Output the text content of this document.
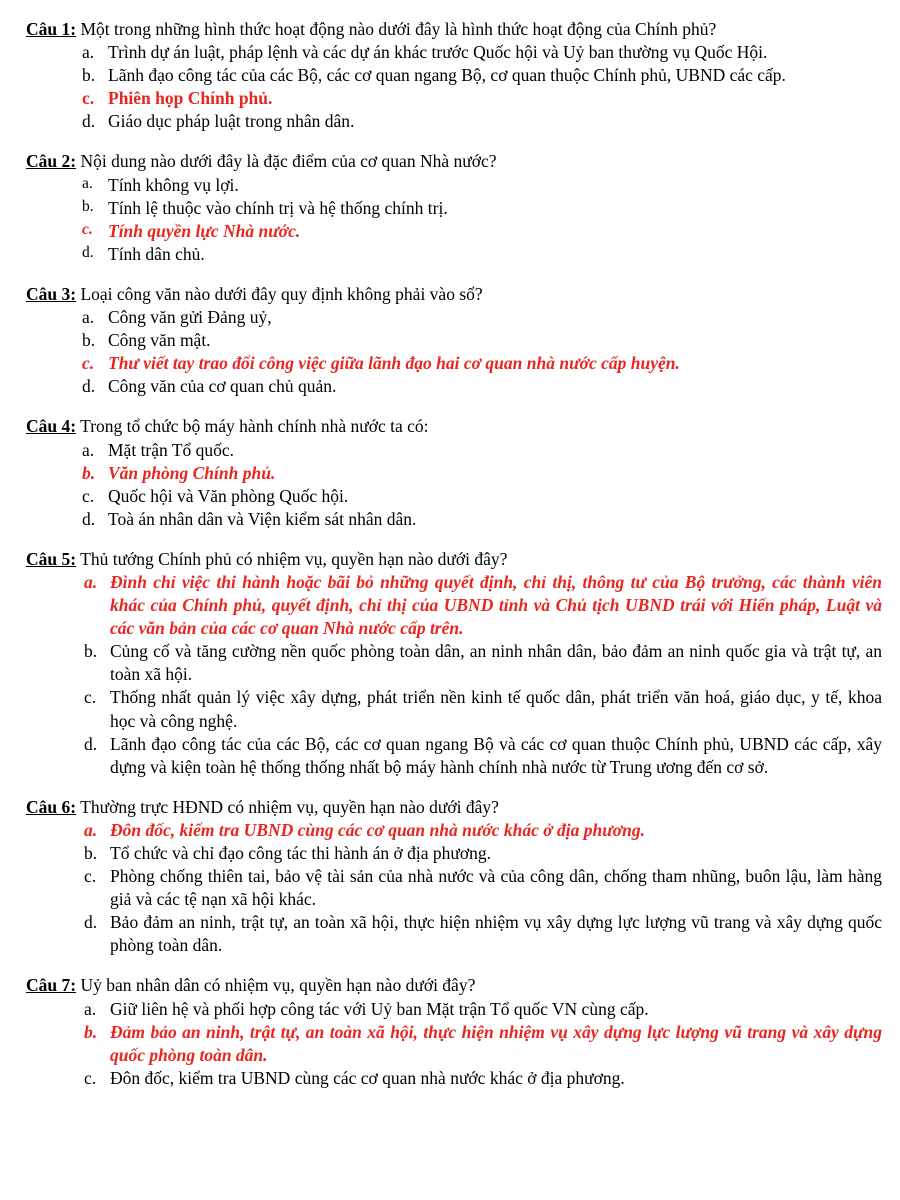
Câu 1: Một trong những hình thức hoạt động nào dưới đây là hình thức hoạt động của Chính phủ?
a. Trình dự án luật, pháp lệnh và các dự án khác trước Quốc hội và Uỷ ban thường vụ Quốc Hội.
b. Lãnh đạo công tác của các Bộ, các cơ quan ngang Bộ, cơ quan thuộc Chính phủ, UBND các cấp.
c. Phiên họp Chính phủ.
d. Giáo dục pháp luật trong nhân dân.
Câu 2: Nội dung nào dưới đây là đặc điểm của cơ quan Nhà nước?
a. Tính không vụ lợi.
b. Tính lệ thuộc vào chính trị và hệ thống chính trị.
c. Tính quyền lực Nhà nước.
d. Tính dân chủ.
Câu 3: Loại công văn nào dưới đây quy định không phải vào sổ?
a. Công văn gửi Đảng uỷ,
b. Công văn mật.
c. Thư viết tay trao đổi công việc giữa lãnh đạo hai cơ quan nhà nước cấp huyện.
d. Công văn của cơ quan chủ quản.
Câu 4: Trong tổ chức bộ máy hành chính nhà nước ta có:
a. Mặt trận Tổ quốc.
b. Văn phòng Chính phủ.
c. Quốc hội và Văn phòng Quốc hội.
d. Toà án nhân dân và Viện kiểm sát nhân dân.
Câu 5: Thủ tướng Chính phủ có nhiệm vụ, quyền hạn nào dưới đây?
a. Đình chỉ việc thi hành hoặc bãi bỏ những quyết định, chỉ thị, thông tư của Bộ trưởng, các thành viên khác của Chính phủ, quyết định, chỉ thị của UBND tỉnh và Chủ tịch UBND trái với Hiến pháp, Luật và các văn bản của các cơ quan Nhà nước cấp trên.
b. Củng cố và tăng cường nền quốc phòng toàn dân, an ninh nhân dân, bảo đảm an ninh quốc gia và trật tự, an toàn xã hội.
c. Thống nhất quản lý việc xây dựng, phát triển nền kinh tế quốc dân, phát triển văn hoá, giáo dục, y tế, khoa học và công nghệ.
d. Lãnh đạo công tác của các Bộ, các cơ quan ngang Bộ và các cơ quan thuộc Chính phủ, UBND các cấp, xây dựng và kiện toàn hệ thống thống nhất bộ máy hành chính nhà nước từ Trung ương đến cơ sở.
Câu 6: Thường trực HĐND có nhiệm vụ, quyền hạn nào dưới đây?
a. Đôn đốc, kiểm tra UBND cùng các cơ quan nhà nước khác ở địa phương.
b. Tổ chức và chỉ đạo công tác thi hành án ở địa phương.
c. Phòng chống thiên tai, bảo vệ tài sản của nhà nước và của công dân, chống tham nhũng, buôn lậu, làm hàng giả và các tệ nạn xã hội khác.
d. Bảo đảm an ninh, trật tự, an toàn xã hội, thực hiện nhiệm vụ xây dựng lực lượng vũ trang và xây dựng quốc phòng toàn dân.
Câu 7: Uỷ ban nhân dân có nhiệm vụ, quyền hạn nào dưới đây?
a. Giữ liên hệ và phối hợp công tác với Uỷ ban Mặt trận Tổ quốc VN cùng cấp.
b. Đảm bảo an ninh, trật tự, an toàn xã hội, thực hiện nhiệm vụ xây dựng lực lượng vũ trang và xây dựng quốc phòng toàn dân.
c. Đôn đốc, kiểm tra UBND cùng các cơ quan nhà nước khác ở địa phương.
